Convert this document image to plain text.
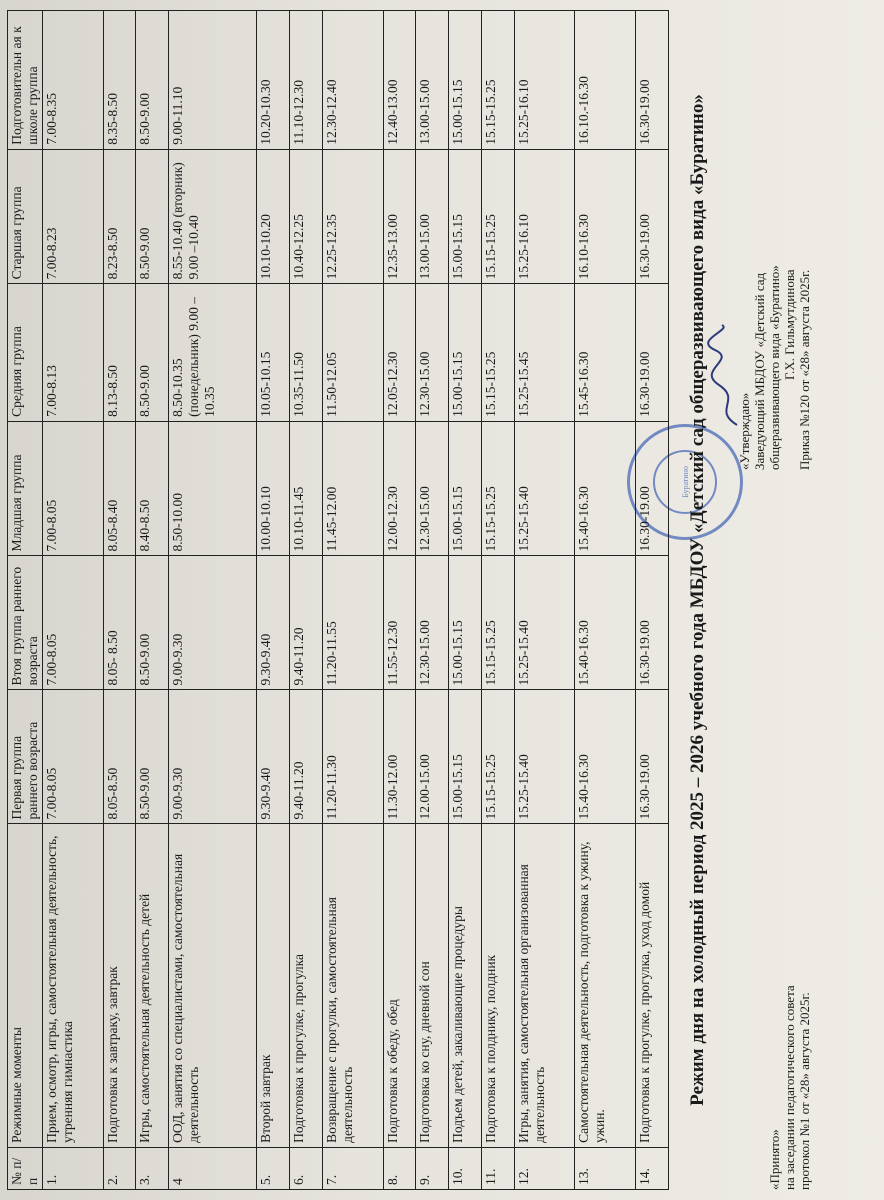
«Принято» на заседании педагогического совета протокол №1 от «28» августа 2025г.
«Утверждаю» Заведующий МБДОУ «Детский сад общеразвивающего вида «Буратино» Г.Х. Гильмутдинова Приказ №120 от «28» августа 2025г.
Буратино
Режим дня на холодный период 2025 – 2026 учебного года МБДОУ «Детский сад общеразвивающего вида «Буратино»
№ п/п	Режимные моменты	Первая группа раннего возраста	Втоя группа раннего возраста	Младшая группа	Средняя группа	Старшая группа	Подготовительн ая к школе группа
1.	Прием, осмотр, игры, самостоятельная деятельность, утренняя гимнастика	7.00-8.05	7.00-8.05	7.00-8.05	7.00-8.13	7.00-8.23	7.00-8.35
2.	Подготовка к завтраку, завтрак	8.05-8.50	8.05- 8.50	8.05-8.40	8.13-8.50	8.23-8.50	8.35-8.50
3.	Игры, самостоятельная деятельность детей	8.50-9.00	8.50-9.00	8.40-8.50	8.50-9.00	8.50-9.00	8.50-9.00
4	ООД, занятия со специалистами, самостоятельная деятельность	9.00-9.30	9.00-9.30	8.50-10.00	8.50-10.35 (понедельник) 9.00 – 10.35	8.55-10.40 (вторник) 9.00 –10.40	9.00-11.10
5.	Второй завтрак	9.30-9.40	9.30-9.40	10.00-10.10	10.05-10.15	10.10-10.20	10.20-10.30
6.	Подготовка к прогулке, прогулка	9.40-11.20	9.40-11.20	10.10-11.45	10.35-11.50	10.40-12.25	11.10-12.30
7.	Возвращение с прогулки, самостоятельная деятельность	11.20-11.30	11.20-11.55	11.45-12.00	11.50-12.05	12.25-12.35	12.30-12.40
8.	Подготовка к обеду, обед	11.30-12.00	11.55-12.30	12.00-12.30	12.05-12.30	12.35-13.00	12.40-13.00
9.	Подготовка ко сну, дневной сон	12.00-15.00	12.30-15.00	12.30-15.00	12.30-15.00	13.00-15.00	13.00-15.00
10.	Подъем детей, закаливающие процедуры	15.00-15.15	15.00-15.15	15.00-15.15	15.00-15.15	15.00-15.15	15.00-15.15
11.	Подготовка к полднику, полдник	15.15-15.25	15.15-15.25	15.15-15.25	15.15-15.25	15.15-15.25	15.15-15.25
12.	Игры, занятия, самостоятельная организованная деятельность	15.25-15.40	15.25-15.40	15.25-15.40	15.25-15.45	15.25-16.10	15.25-16.10
13.	Самостоятельная деятельность, подготовка к ужину, ужин.	15.40-16.30	15.40-16.30	15.40-16.30	15.45-16.30	16.10-16.30	16.10.-16.30
14.	Подготовка к прогулке, прогулка, уход домой	16.30-19.00	16.30-19.00	16.30-19.00	16.30-19.00	16.30-19.00	16.30-19.00
